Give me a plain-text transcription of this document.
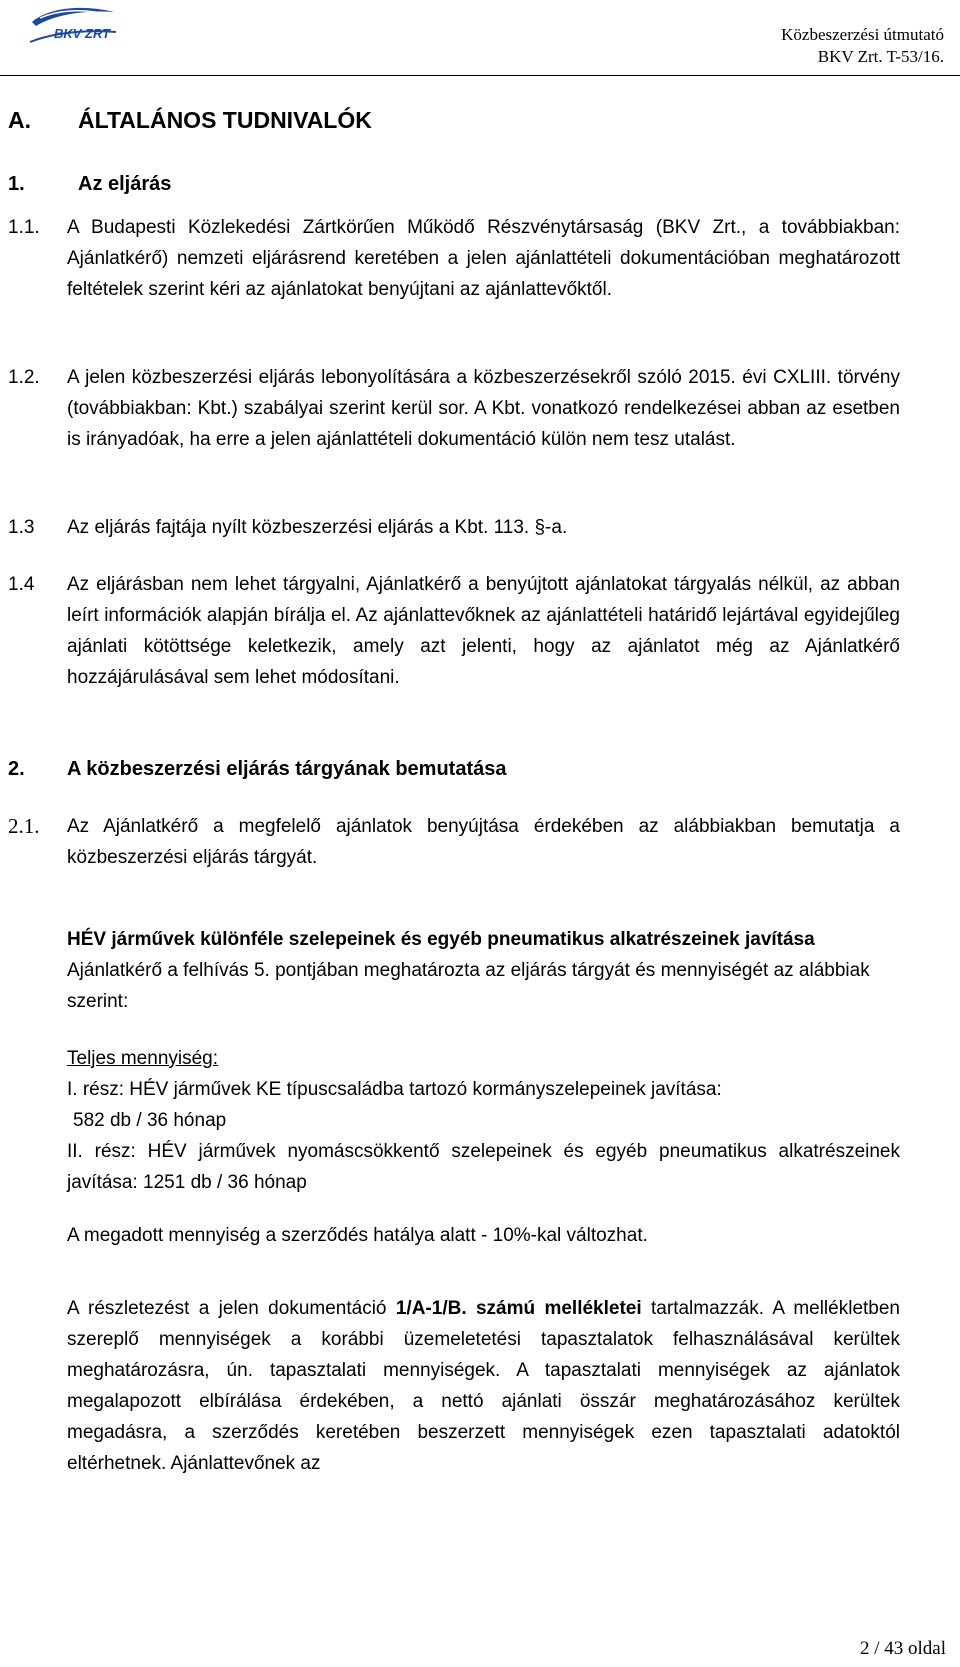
BKV ZRT	Közbeszerzési útmutató
BKV Zrt. T-53/16.
A. ÁLTALÁNOS TUDNIVALÓK
1.	Az eljárás
1.1. A Budapesti Közlekedési Zártkörűen Működő Részvénytársaság (BKV Zrt., a továbbiakban: Ajánlatkérő) nemzeti eljárásrend keretében a jelen ajánlattételi dokumentációban meghatározott feltételek szerint kéri az ajánlatokat benyújtani az ajánlattevőktől.
1.2. A jelen közbeszerzési eljárás lebonyolítására a közbeszerzésekről szóló 2015. évi CXLIII. törvény (továbbiakban: Kbt.) szabályai szerint kerül sor. A Kbt. vonatkozó rendelkezései abban az esetben is irányadóak, ha erre a jelen ajánlattételi dokumentáció külön nem tesz utalást.
1.3 Az eljárás fajtája nyílt közbeszerzési eljárás a Kbt. 113. §-a.
1.4 Az eljárásban nem lehet tárgyalni, Ajánlatkérő a benyújtott ajánlatokat tárgyalás nélkül, az abban leírt információk alapján bírálja el. Az ajánlattevőknek az ajánlattételi határidő lejártával egyidejűleg ajánlati kötöttsége keletkezik, amely azt jelenti, hogy az ajánlatot még az Ajánlatkérő hozzájárulásával sem lehet módosítani.
2. A közbeszerzési eljárás tárgyának bemutatása
2.1. Az Ajánlatkérő a megfelelő ajánlatok benyújtása érdekében az alábbiakban bemutatja a közbeszerzési eljárás tárgyát.
HÉV járművek különféle szelepeinek és egyéb pneumatikus alkatrészeinek javítása
Ajánlatkérő a felhívás 5. pontjában meghatározta az eljárás tárgyát és mennyiségét az alábbiak szerint:
Teljes mennyiség:
I. rész: HÉV járművek KE típuscsaládba tartozó kormányszelepeinek javítása:
582 db / 36 hónap
II. rész: HÉV járművek nyomáscsökkentő szelepeinek és egyéb pneumatikus alkatrészeinek javítása: 1251 db / 36 hónap
A megadott mennyiség a szerződés hatálya alatt - 10%-kal változhat.
A részletezést a jelen dokumentáció 1/A-1/B. számú mellékletei tartalmazzák. A mellékletben szereplő mennyiségek a korábbi üzemeletetési tapasztalatok felhasználásával kerültek meghatározásra, ún. tapasztalati mennyiségek. A tapasztalati mennyiségek az ajánlatok megalapozott elbírálása érdekében, a nettó ajánlati összár meghatározásához kerültek megadásra, a szerződés keretében beszerzett mennyiségek ezen tapasztalati adatoktól eltérhetnek. Ajánlattevőnek az
2 / 43 oldal
